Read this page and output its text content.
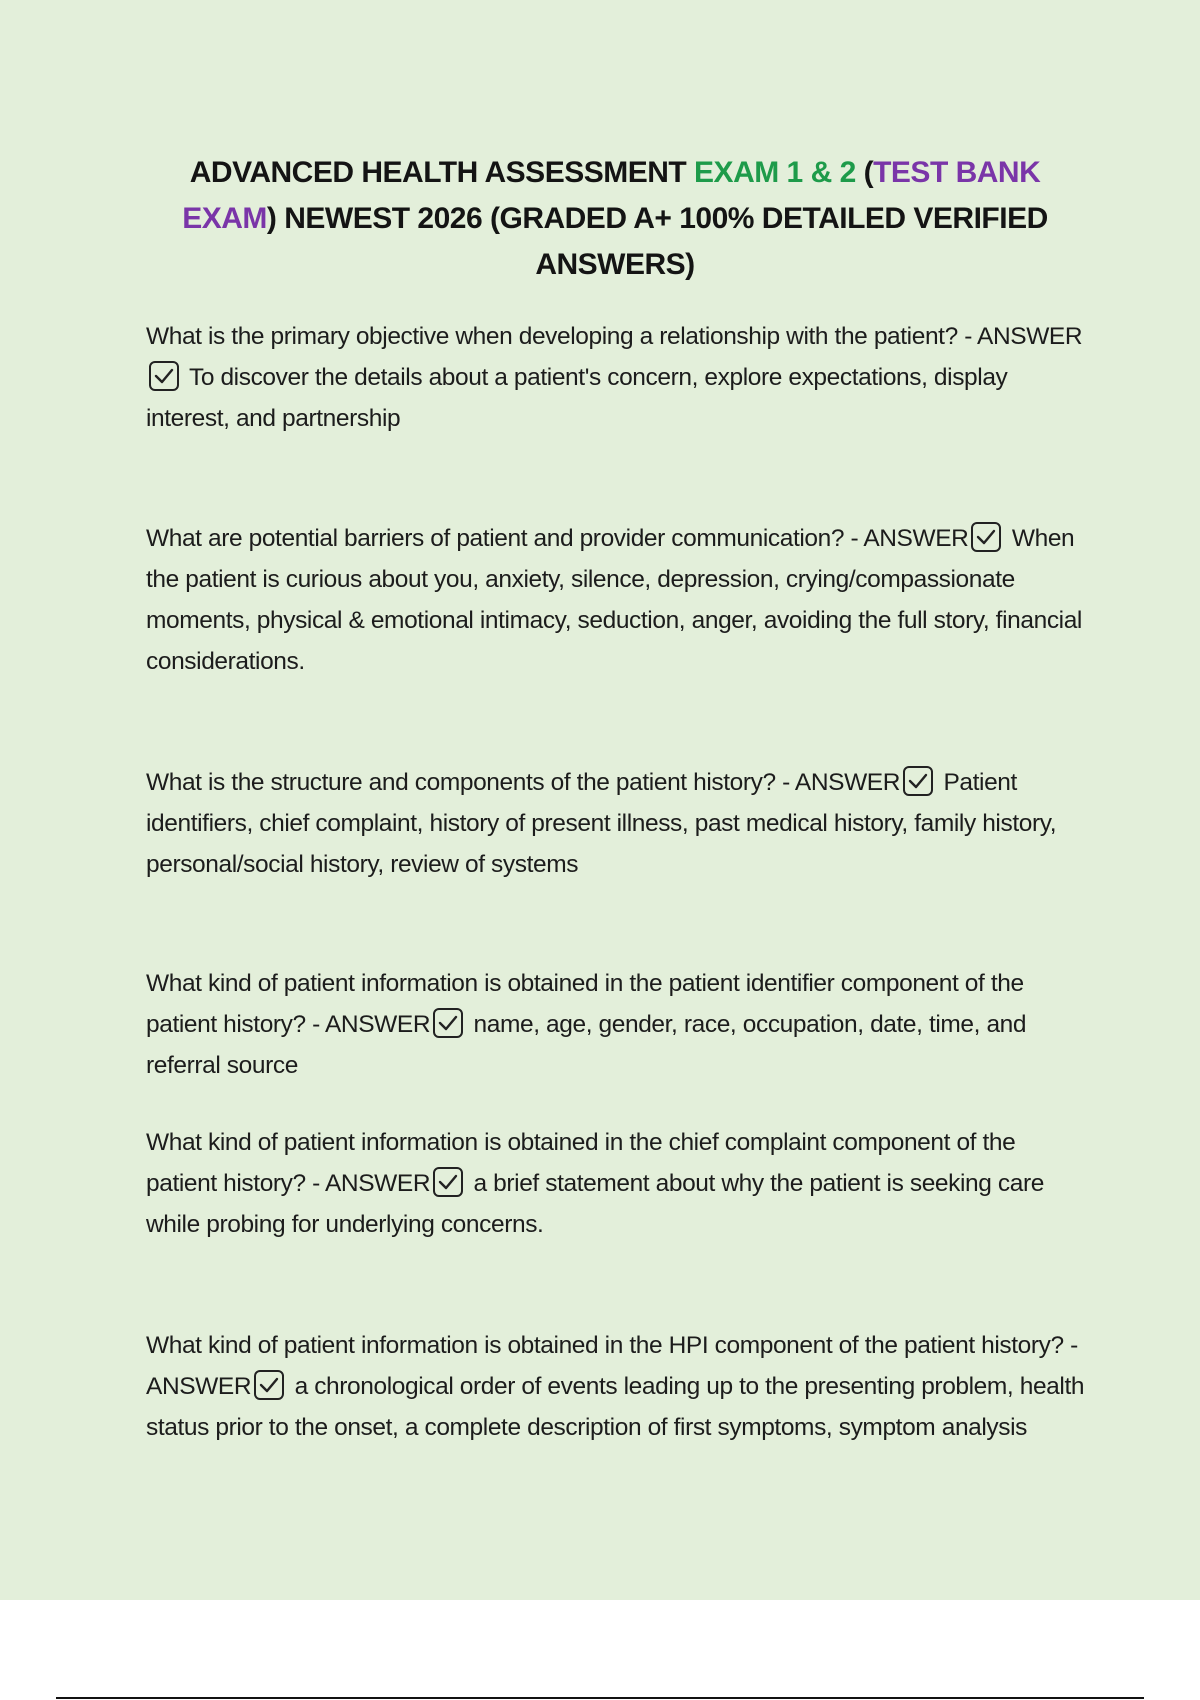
ADVANCED HEALTH ASSESSMENT EXAM 1 & 2 (TEST BANK EXAM) NEWEST 2026 (GRADED A+ 100% DETAILED VERIFIED ANSWERS)

What is the primary objective when developing a relationship with the patient? - ANSWER
To discover the details about a patient's concern, explore expectations, display interest, and partnership

What are potential barriers of patient and provider communication? - ANSWER When the patient is curious about you, anxiety, silence, depression, crying/compassionate moments, physical & emotional intimacy, seduction, anger, avoiding the full story, financial considerations.

What is the structure and components of the patient history? - ANSWER Patient identifiers, chief complaint, history of present illness, past medical history, family history, personal/social history, review of systems

What kind of patient information is obtained in the patient identifier component of the patient history? - ANSWER name, age, gender, race, occupation, date, time, and referral source

What kind of patient information is obtained in the chief complaint component of the patient history? - ANSWER a brief statement about why the patient is seeking care while probing for underlying concerns.

What kind of patient information is obtained in the HPI component of the patient history? - ANSWER a chronological order of events leading up to the presenting problem, health status prior to the onset, a complete description of first symptoms, symptom analysis
